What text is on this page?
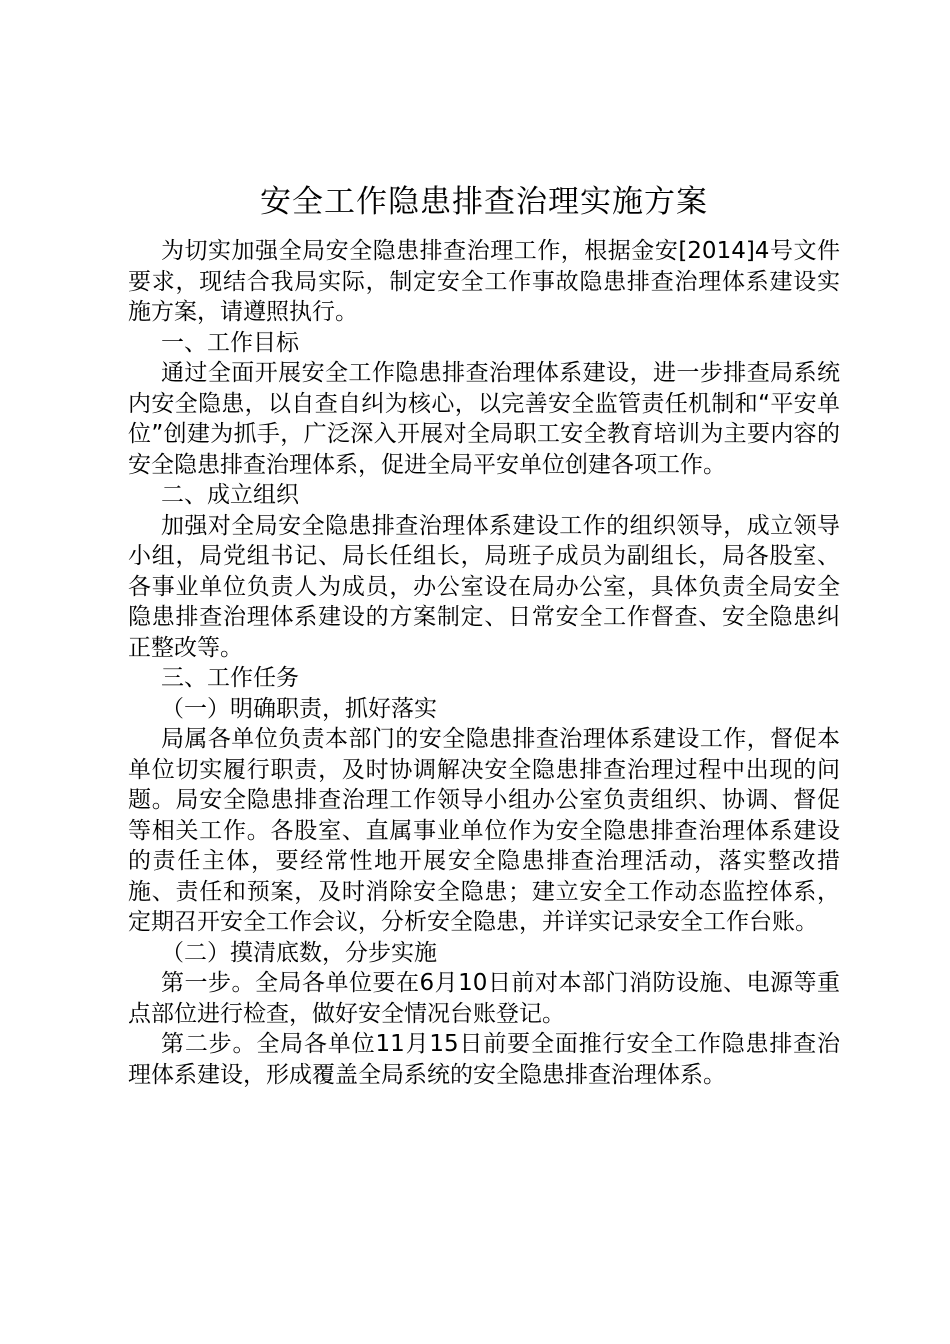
安全工作隐患排查治理实施方案

为切实加强全局安全隐患排查治理工作，根据金安[2014]4号文件要求，现结合我局实际，制定安全工作事故隐患排查治理体系建设实施方案，请遵照执行。

一、工作目标

通过全面开展安全工作隐患排查治理体系建设，进一步排查局系统内安全隐患，以自查自纠为核心，以完善安全监管责任机制和“平安单位”创建为抓手，广泛深入开展对全局职工安全教育培训为主要内容的安全隐患排查治理体系，促进全局平安单位创建各项工作。

二、成立组织

加强对全局安全隐患排查治理体系建设工作的组织领导，成立领导小组，局党组书记、局长任组长，局班子成员为副组长，局各股室、各事业单位负责人为成员，办公室设在局办公室，具体负责全局安全隐患排查治理体系建设的方案制定、日常安全工作督查、安全隐患纠正整改等。

三、工作任务

（一）明确职责，抓好落实

局属各单位负责本部门的安全隐患排查治理体系建设工作，督促本单位切实履行职责，及时协调解决安全隐患排查治理过程中出现的问题。局安全隐患排查治理工作领导小组办公室负责组织、协调、督促等相关工作。各股室、直属事业单位作为安全隐患排查治理体系建设的责任主体，要经常性地开展安全隐患排查治理活动，落实整改措施、责任和预案，及时消除安全隐患；建立安全工作动态监控体系，定期召开安全工作会议，分析安全隐患，并详实记录安全工作台账。

（二）摸清底数，分步实施

第一步。全局各单位要在6月10日前对本部门消防设施、电源等重点部位进行检查，做好安全情况台账登记。

第二步。全局各单位11月15日前要全面推行安全工作隐患排查治理体系建设，形成覆盖全局系统的安全隐患排查治理体系。
